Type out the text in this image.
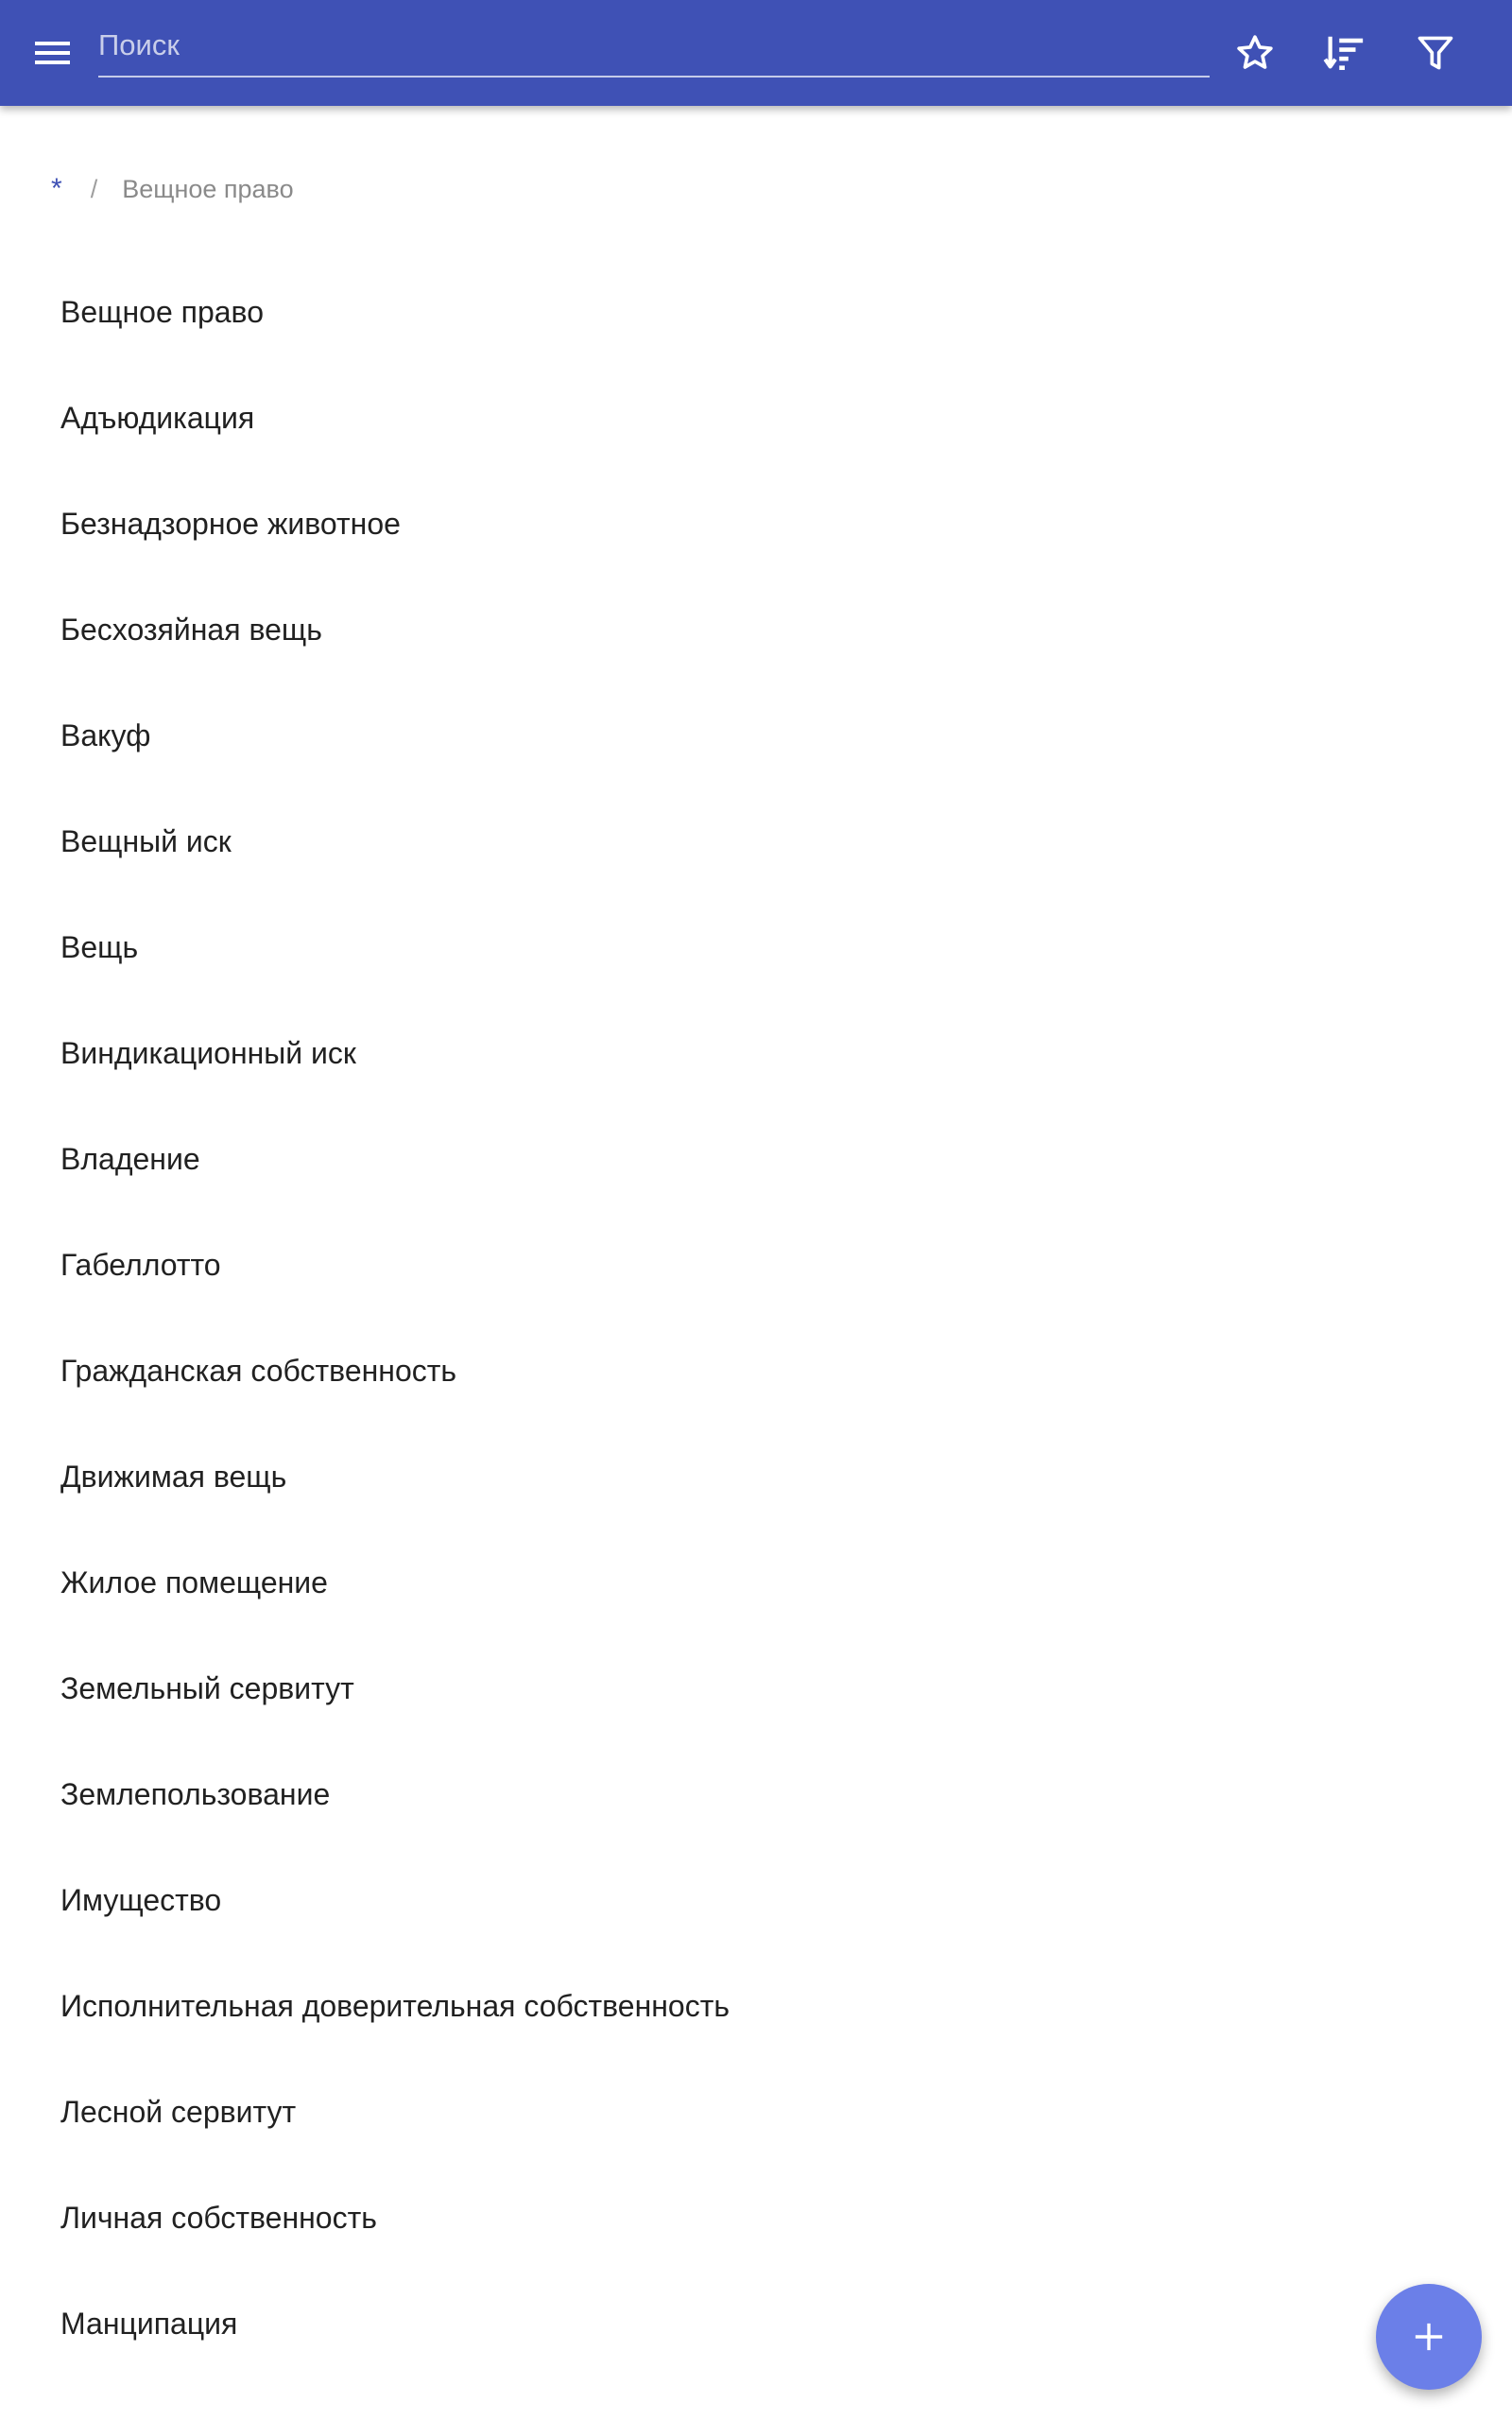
Поиск
* / Вещное право
Вещное право
Адъюдикация
Безнадзорное животное
Бесхозяйная вещь
Вакуф
Вещный иск
Вещь
Виндикационный иск
Владение
Габеллотто
Гражданская собственность
Движимая вещь
Жилое помещение
Земельный сервитут
Землепользование
Имущество
Исполнительная доверительная собственность
Лесной сервитут
Личная собственность
Манципация
